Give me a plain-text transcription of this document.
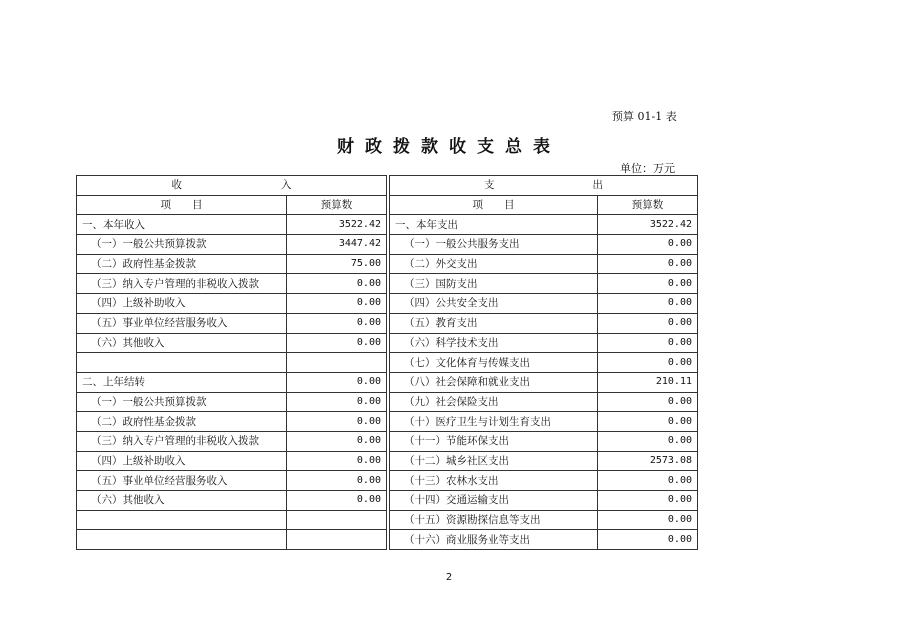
预算 01-1 表
财政拨款收支总表
单位：万元
收 入			支 出	

项　　目	预算数		项　　目	预算数
一、本年收入	3522.42		一、本年支出	3522.42
（一）一般公共预算拨款	3447.42		（一）一般公共服务支出	0.00
（二）政府性基金拨款	75.00		（二）外交支出	0.00
（三）纳入专户管理的非税收入拨款	0.00		（三）国防支出	0.00
（四）上级补助收入	0.00		（四）公共安全支出	0.00
（五）事业单位经营服务收入	0.00		（五）教育支出	0.00
（六）其他收入	0.00		（六）科学技术支出	0.00
			（七）文化体育与传媒支出	0.00
二、上年结转	0.00		（八）社会保障和就业支出	210.11
（一）一般公共预算拨款	0.00		（九）社会保险支出	0.00
（二）政府性基金拨款	0.00		（十）医疗卫生与计划生育支出	0.00
（三）纳入专户管理的非税收入拨款	0.00		（十一）节能环保支出	0.00
（四）上级补助收入	0.00		（十二）城乡社区支出	2573.08
（五）事业单位经营服务收入	0.00		（十三）农林水支出	0.00
（六）其他收入	0.00		（十四）交通运输支出	0.00
			（十五）资源勘探信息等支出	0.00
			（十六）商业服务业等支出	0.00
2
